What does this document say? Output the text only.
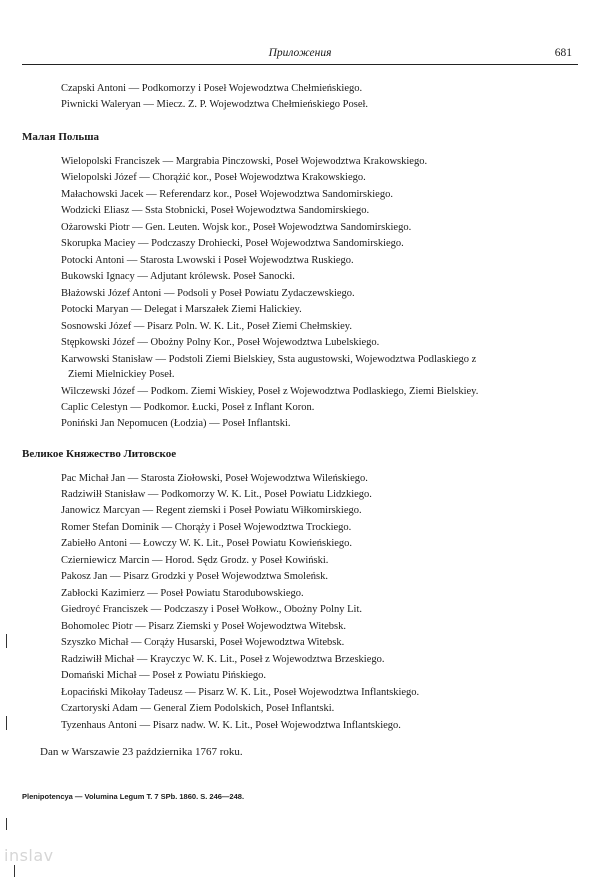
Приложения	681
Czapski Antoni — Podkomorzy i Poseł Wojewodztwa Chełmieńskiego.
Piwnicki Waleryan — Miecz. Z. P. Wojewodztwa Chełmieńskiego Poseł.
Малая Польша
Wielopolski Franciszek — Margrabia Pinczowski, Poseł Wojewodztwa Krakowskiego.
Wielopolski Józef — Chorążić kor., Poseł Wojewodztwa Krakowskiego.
Małachowski Jacek — Referendarz kor., Poseł Wojewodztwa Sandomirskiego.
Wodzicki Eliasz — Ssta Stobnicki, Poseł Wojewodztwa Sandomirskiego.
Ożarowski Piotr — Gen. Leuten. Wojsk kor., Poseł Wojewodztwa Sandomirskiego.
Skorupka Maciey — Podczaszy Drohiecki, Poseł Wojewodztwa Sandomirskiego.
Potocki Antoni — Starosta Lwowski i Poseł Wojewodztwa Ruskiego.
Bukowski Ignacy — Adjutant królewsk. Poseł Sanocki.
Błażowski Józef Antoni — Podsoli y Poseł Powiatu Zydaczewskiego.
Potocki Maryan — Delegat i Marszałek Ziemi Halickiey.
Sosnowski Józef — Pisarz Poln. W. K. Lit., Poseł Ziemi Chełmskiey.
Stępkowski Józef — Obożny Polny Kor., Poseł Wojewodztwa Lubelskiego.
Karwowski Stanisław — Podstoli Ziemi Bielskiey, Ssta augustowski, Wojewodztwa Podlaskiego z
Ziemi Mielnickiey Poseł.
Wilczewski Józef — Podkom. Ziemi Wiskiey, Poseł z Wojewodztwa Podlaskiego, Ziemi Bielskiey.
Caplic Celestyn — Podkomor. Łucki, Poseł z Inflant Koron.
Poniński Jan Nepomucen (Łodzia) — Poseł Inflantski.
Великое Княжество Литовское
Pac Michał Jan — Starosta Ziołowski, Poseł Wojewodztwa Wileńskiego.
Radziwiłł Stanisław — Podkomorzy W. K. Lit., Poseł Powiatu Lidzkiego.
Janowicz Marcyan — Regent ziemski i Poseł Powiatu Wiłkomirskiego.
Romer Stefan Dominik — Chorąży i Poseł Wojewodztwa Trockiego.
Zabiełło Antoni — Łowczy W. K. Lit., Poseł Powiatu Kowieńskiego.
Czierniewicz Marcin — Horod. Sędz Grodz. y Poseł Kowiński.
Pakosz Jan — Pisarz Grodzki y Poseł Wojewodztwa Smoleńsk.
Zabłocki Kazimierz — Poseł Powiatu Starodubowskiego.
Giedroyć Franciszek — Podczaszy i Poseł Wołkow., Obożny Polny Lit.
Bohomolec Piotr — Pisarz Ziemski y Poseł Wojewodztwa Witebsk.
Szyszko Michał — Corąży Husarski, Poseł Wojewodztwa Witebsk.
Radziwiłł Michał — Krayczyc W. K. Lit., Poseł z Wojewodztwa Brzeskiego.
Domański Michał — Poseł z Powiatu Pińskiego.
Łopaciński Mikołay Tadeusz — Pisarz W. K. Lit., Poseł Wojewodztwa Inflantskiego.
Czartoryski Adam — General Ziem Podolskich, Poseł Inflantski.
Tyzenhaus Antoni — Pisarz nadw. W. K. Lit., Poseł Wojewodztwa Inflantskiego.
Dan w Warszawie 23 października 1767 roku.
Plenipotencya — Volumina Legum T. 7 SPb. 1860. S. 246—248.
inslav
